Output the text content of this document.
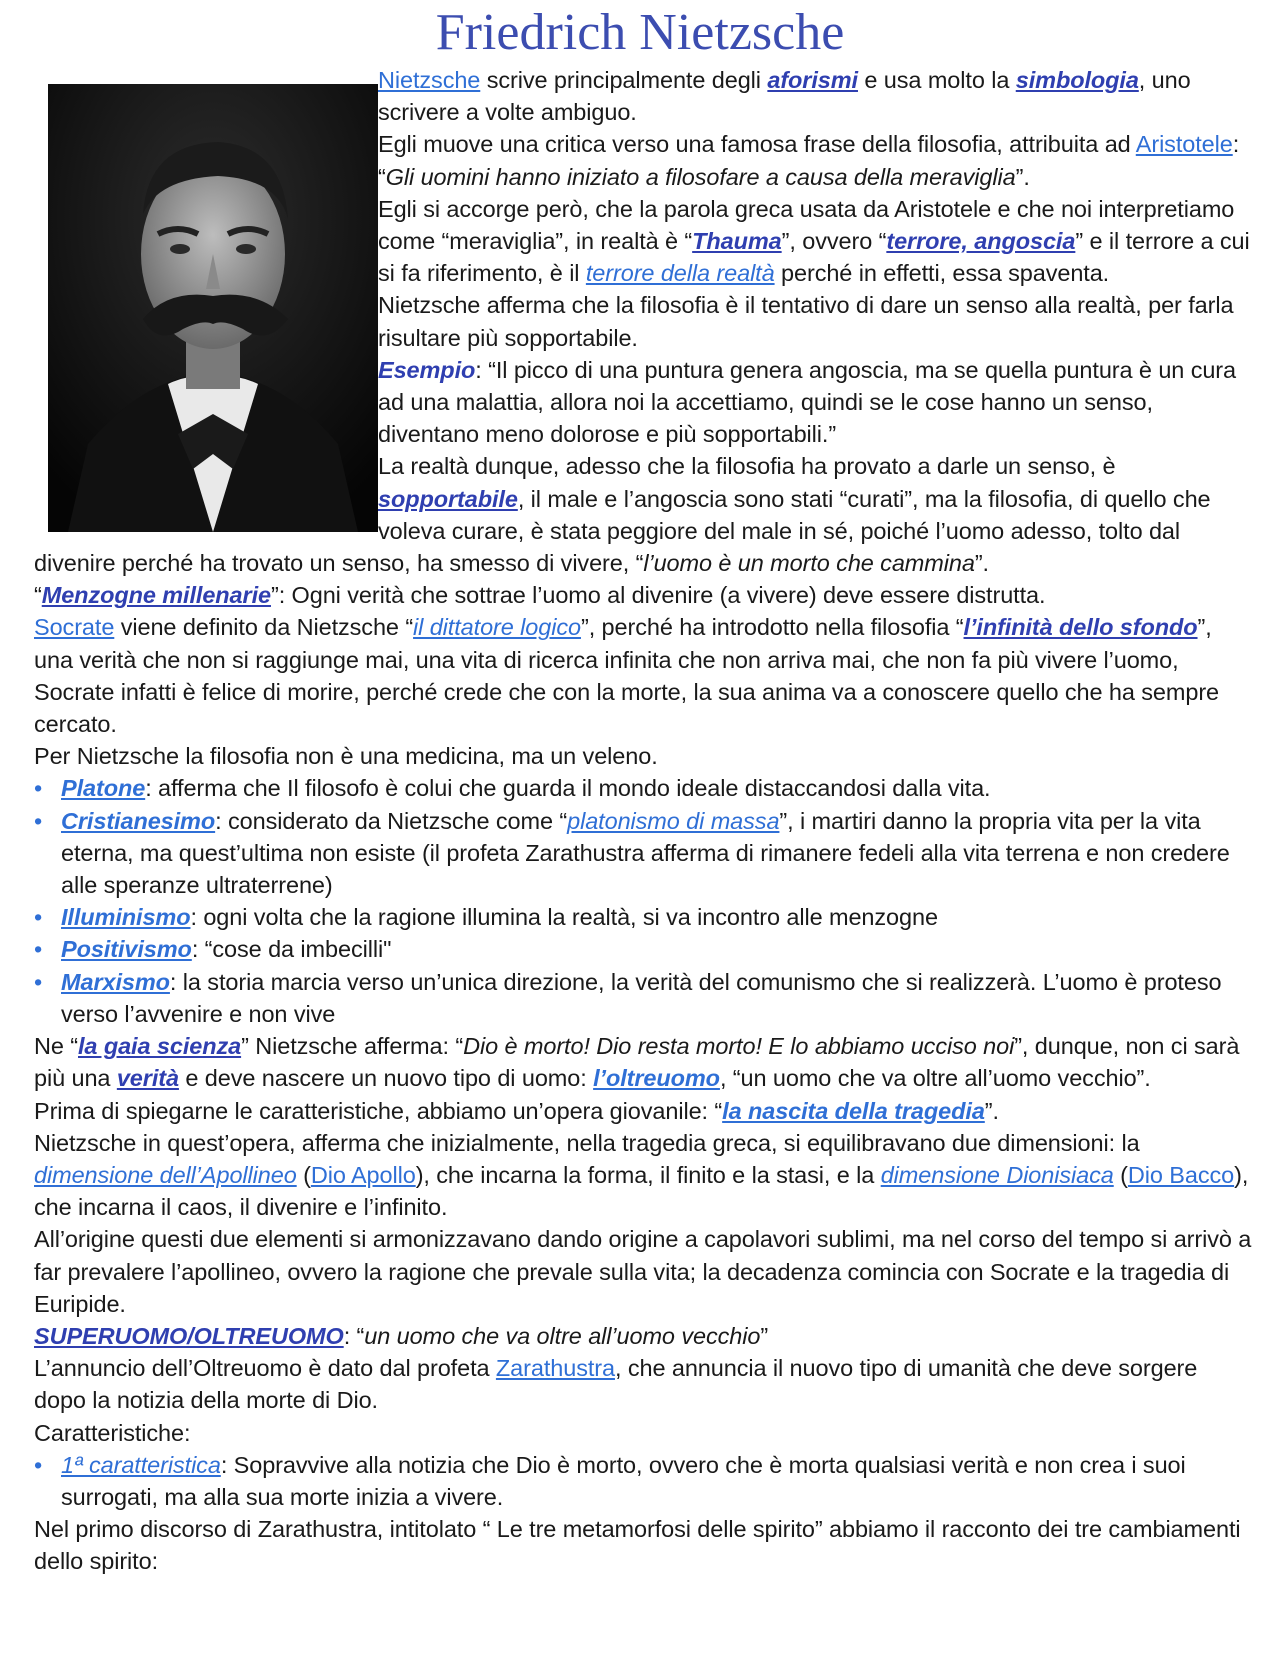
Friedrich Nietzsche

Nietzsche scrive principalmente degli aforismi e usa molto la simbologia, uno scrivere a volte ambiguo.

Egli muove una critica verso una famosa frase della filosofia, attribuita ad Aristotele:

“Gli uomini hanno iniziato a filosofare a causa della meraviglia”.

Egli si accorge però, che la parola greca usata da Aristotele e che noi interpretiamo come “meraviglia”, in realtà è “Thauma”, ovvero “terrore, angoscia” e il terrore a cui si fa riferimento, è il terrore della realtà perché in effetti, essa spaventa.

Nietzsche afferma che la filosofia è il tentativo di dare un senso alla realtà, per farla risultare più sopportabile.

Esempio: “Il picco di una puntura genera angoscia, ma se quella puntura è un cura ad una malattia, allora noi la accettiamo, quindi se le cose hanno un senso, diventano meno dolorose e più sopportabili.”

La realtà dunque, adesso che la filosofia ha provato a darle un senso, è sopportabile, il male e l’angoscia sono stati “curati”, ma la filosofia, di quello che voleva curare, è stata peggiore del male in sé, poiché l’uomo adesso, tolto dal divenire perché ha trovato un senso, ha smesso di vivere, “l’uomo è un morto che cammina”.

“Menzogne millenarie”: Ogni verità che sottrae l’uomo al divenire (a vivere) deve essere distrutta.

Socrate viene definito da Nietzsche “il dittatore logico”, perché ha introdotto nella filosofia “l’infinità dello sfondo”, una verità che non si raggiunge mai, una vita di ricerca infinita che non arriva mai, che non fa più vivere l’uomo, Socrate infatti è felice di morire, perché crede che con la morte, la sua anima va a conoscere quello che ha sempre cercato.

Per Nietzsche la filosofia non è una medicina, ma un veleno.

• Platone: afferma che Il filosofo è colui che guarda il mondo ideale distaccandosi dalla vita.
• Cristianesimo: considerato da Nietzsche come “platonismo di massa”, i martiri danno la propria vita per la vita eterna, ma quest’ultima non esiste (il profeta Zarathustra afferma di rimanere fedeli alla vita terrena e non credere alle speranze ultraterrene)
• Illuminismo: ogni volta che la ragione illumina la realtà, si va incontro alle menzogne
• Positivismo: “cose da imbecilli"
• Marxismo: la storia marcia verso un’unica direzione, la verità del comunismo che si realizzerà. L’uomo è proteso verso l’avvenire e non vive

Ne “la gaia scienza” Nietzsche afferma: “Dio è morto! Dio resta morto! E lo abbiamo ucciso noi”, dunque, non ci sarà più una verità e deve nascere un nuovo tipo di uomo: l’oltreuomo, “un uomo che va oltre all’uomo vecchio”.

Prima di spiegarne le caratteristiche, abbiamo un’opera giovanile: “la nascita della tragedia”.

Nietzsche in quest’opera, afferma che inizialmente, nella tragedia greca, si equilibravano due dimensioni: la dimensione dell’Apollineo (Dio Apollo), che incarna la forma, il finito e la stasi, e la dimensione Dionisiaca (Dio Bacco), che incarna il caos, il divenire e l’infinito.

All’origine questi due elementi si armonizzavano dando origine a capolavori sublimi, ma nel corso del tempo si arrivò a far prevalere l’apollineo, ovvero la ragione che prevale sulla vita; la decadenza comincia con Socrate e la tragedia di Euripide.

SUPERUOMO/OLTREUOMO: “un uomo che va oltre all’uomo vecchio”

L’annuncio dell’Oltreuomo è dato dal profeta Zarathustra, che annuncia il nuovo tipo di umanità che deve sorgere dopo la notizia della morte di Dio.

Caratteristiche:

• 1ª caratteristica: Sopravvive alla notizia che Dio è morto, ovvero che è morta qualsiasi verità e non crea i suoi surrogati, ma alla sua morte inizia a vivere.

Nel primo discorso di Zarathustra, intitolato “ Le tre metamorfosi delle spirito” abbiamo il racconto dei tre cambiamenti dello spirito:
